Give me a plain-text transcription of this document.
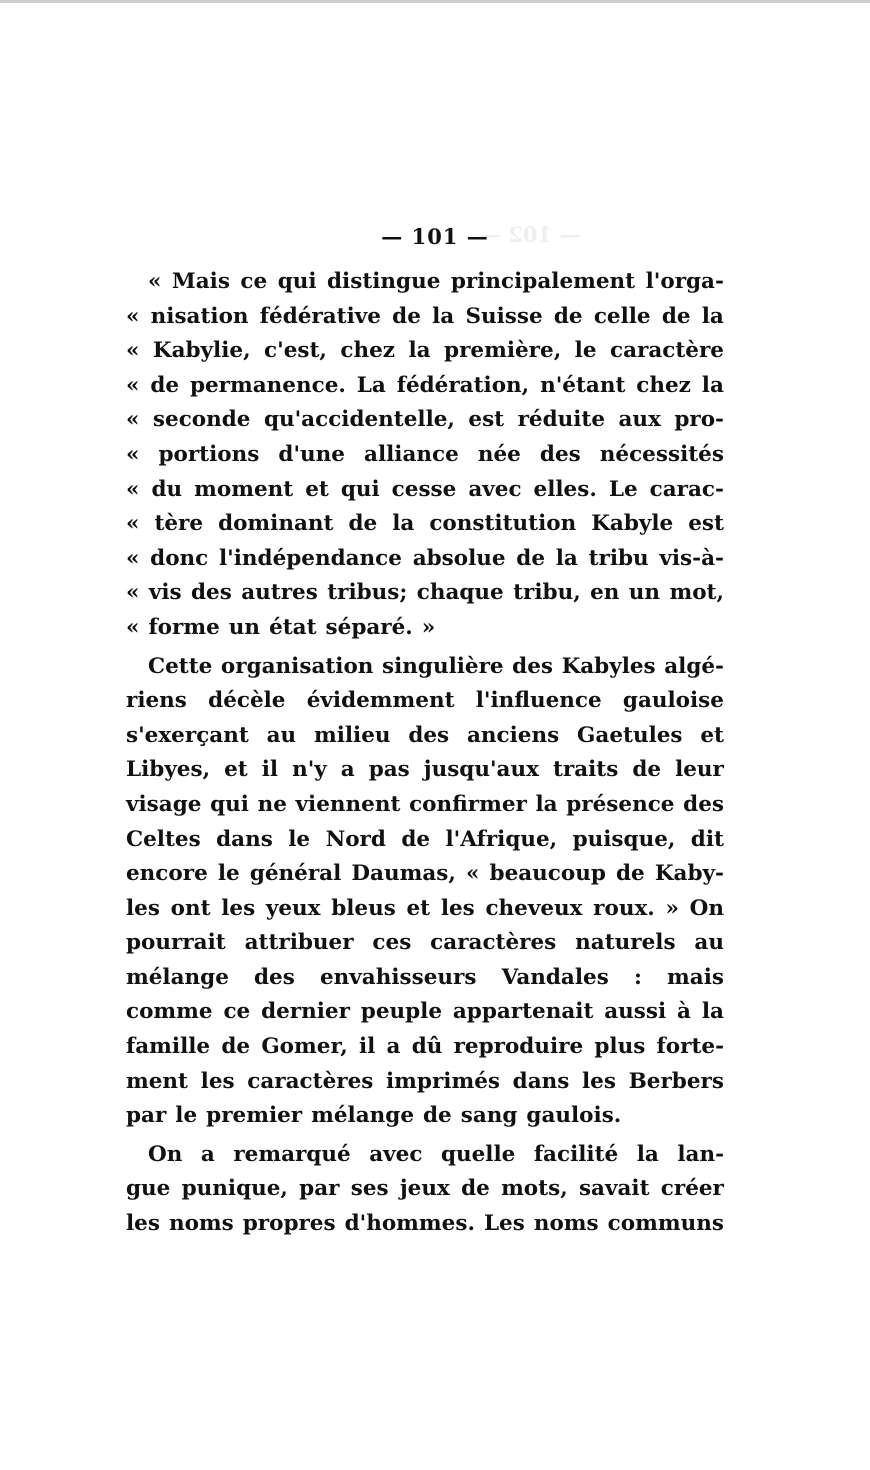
— 102 —
— 101 —
« Mais ce qui distingue principalement l'orga-
« nisation fédérative de la Suisse de celle de la
« Kabylie, c'est, chez la première, le caractère
« de permanence. La fédération, n'étant chez la
« seconde qu'accidentelle, est réduite aux pro-
« portions d'une alliance née des nécessités
« du moment et qui cesse avec elles. Le carac-
« tère dominant de la constitution Kabyle est
« donc l'indépendance absolue de la tribu vis-à-
« vis des autres tribus; chaque tribu, en un mot,
« forme un état séparé. »
Cette organisation singulière des Kabyles algé-
riens décèle évidemment l'influence gauloise
s'exerçant au milieu des anciens Gaetules et
Libyes, et il n'y a pas jusqu'aux traits de leur
visage qui ne viennent confirmer la présence des
Celtes dans le Nord de l'Afrique, puisque, dit
encore le général Daumas, « beaucoup de Kaby-
les ont les yeux bleus et les cheveux roux. » On
pourrait attribuer ces caractères naturels au
mélange des envahisseurs Vandales : mais
comme ce dernier peuple appartenait aussi à la
famille de Gomer, il a dû reproduire plus forte-
ment les caractères imprimés dans les Berbers
par le premier mélange de sang gaulois.
On a remarqué avec quelle facilité la lan-
gue punique, par ses jeux de mots, savait créer
les noms propres d'hommes. Les noms communs
